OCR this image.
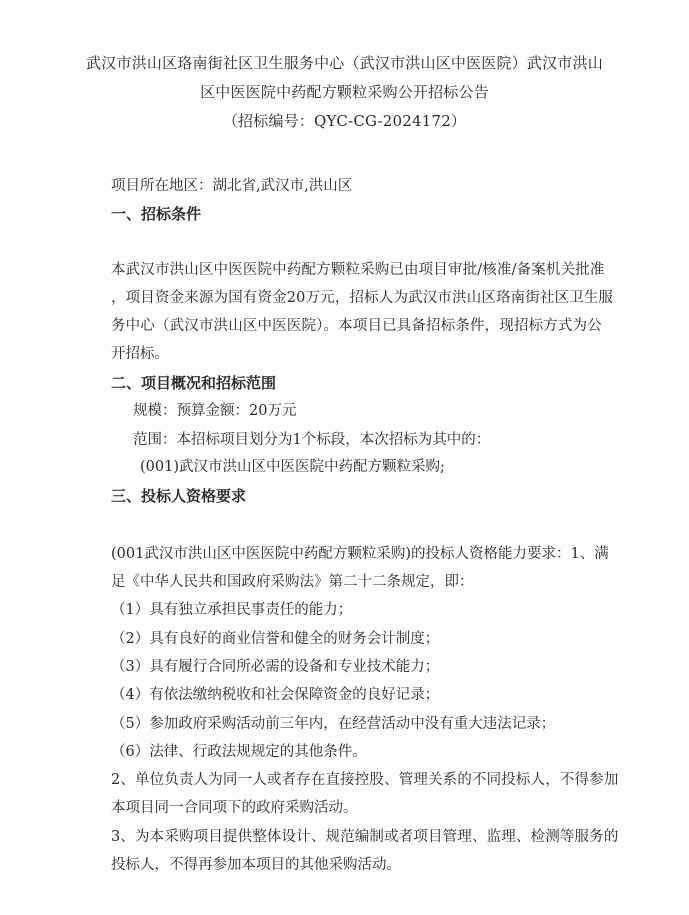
武汉市洪山区珞南街社区卫生服务中心（武汉市洪山区中医医院）武汉市洪山
区中医医院中药配方颗粒采购公开招标公告
（招标编号：QYC-CG-2024172）
项目所在地区：湖北省,武汉市,洪山区
一、招标条件
本武汉市洪山区中医医院中药配方颗粒采购已由项目审批/核准/备案机关批准
，项目资金来源为国有资金20万元，招标人为武汉市洪山区珞南街社区卫生服
务中心（武汉市洪山区中医医院）。本项目已具备招标条件，现招标方式为公
开招标。
二、项目概况和招标范围
规模：预算金额：20万元
范围：本招标项目划分为1个标段，本次招标为其中的：
(001)武汉市洪山区中医医院中药配方颗粒采购;
三、投标人资格要求
(001武汉市洪山区中医医院中药配方颗粒采购)的投标人资格能力要求：1、满
足《中华人民共和国政府采购法》第二十二条规定，即：
（1）具有独立承担民事责任的能力；
（2）具有良好的商业信誉和健全的财务会计制度；
（3）具有履行合同所必需的设备和专业技术能力；
（4）有依法缴纳税收和社会保障资金的良好记录；
（5）参加政府采购活动前三年内，在经营活动中没有重大违法记录；
（6）法律、行政法规规定的其他条件。
2、单位负责人为同一人或者存在直接控股、管理关系的不同投标人，不得参加
本项目同一合同项下的政府采购活动。
3、为本采购项目提供整体设计、规范编制或者项目管理、监理、检测等服务的
投标人，不得再参加本项目的其他采购活动。
